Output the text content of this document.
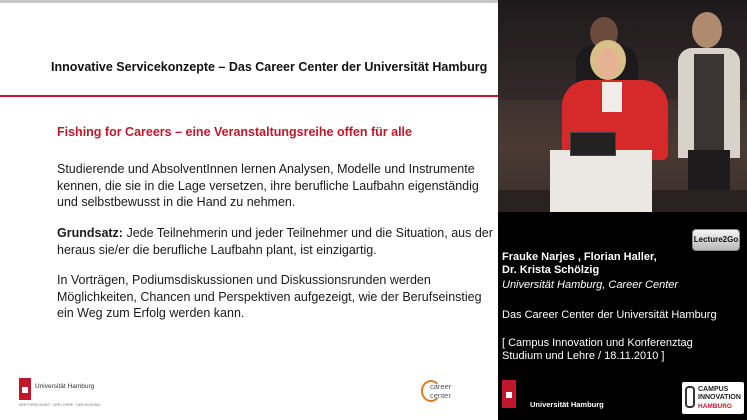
Innovative Servicekonzepte – Das Career Center der Universität Hamburg
Fishing for Careers – eine Veranstaltungsreihe offen für alle
Studierende und AbsolventInnen lernen Analysen, Modelle und Instrumente kennen, die sie in die Lage versetzen, ihre berufliche Laufbahn eigenständig und selbstbewusst in die Hand zu nehmen.
Grundsatz: Jede Teilnehmerin und jeder Teilnehmer und die Situation, aus der heraus sie/er die berufliche Laufbahn plant, ist einzigartig.
In Vorträgen, Podiumsdiskussionen und Diskussionsrunden werden Möglichkeiten, Chancen und Perspektiven aufgezeigt, wie der Berufseinstieg ein Weg zum Erfolg werden kann.
Universität Hamburg
DER FORSCHUNG · DER LEHRE · DER BILDUNG
career
center
Lecture2Go
Frauke Narjes , Florian Haller,
Dr. Krista Schölzig
Universität Hamburg, Career Center
Das Career Center der Universität Hamburg
[ Campus Innovation und Konferenztag
Studium und Lehre / 18.11.2010 ]
Universität Hamburg
CAMPUS
INNOVATION
HAMBURG
